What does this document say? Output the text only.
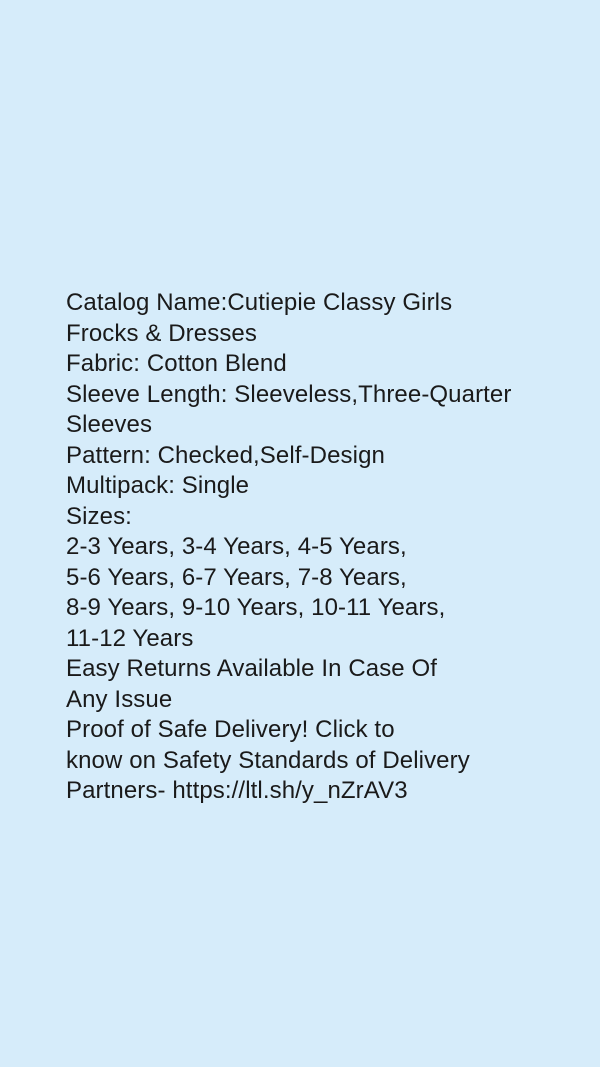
Catalog Name:Cutiepie Classy Girls
Frocks & Dresses
Fabric: Cotton Blend
Sleeve Length: Sleeveless,Three-Quarter
Sleeves
Pattern: Checked,Self-Design
Multipack: Single
Sizes:
2-3 Years, 3-4 Years, 4-5 Years,
5-6 Years, 6-7 Years, 7-8 Years,
8-9 Years, 9-10 Years, 10-11 Years,
11-12 Years
Easy Returns Available In Case Of
Any Issue
Proof of Safe Delivery! Click to
know on Safety Standards of Delivery
Partners- https://ltl.sh/y_nZrAV3
